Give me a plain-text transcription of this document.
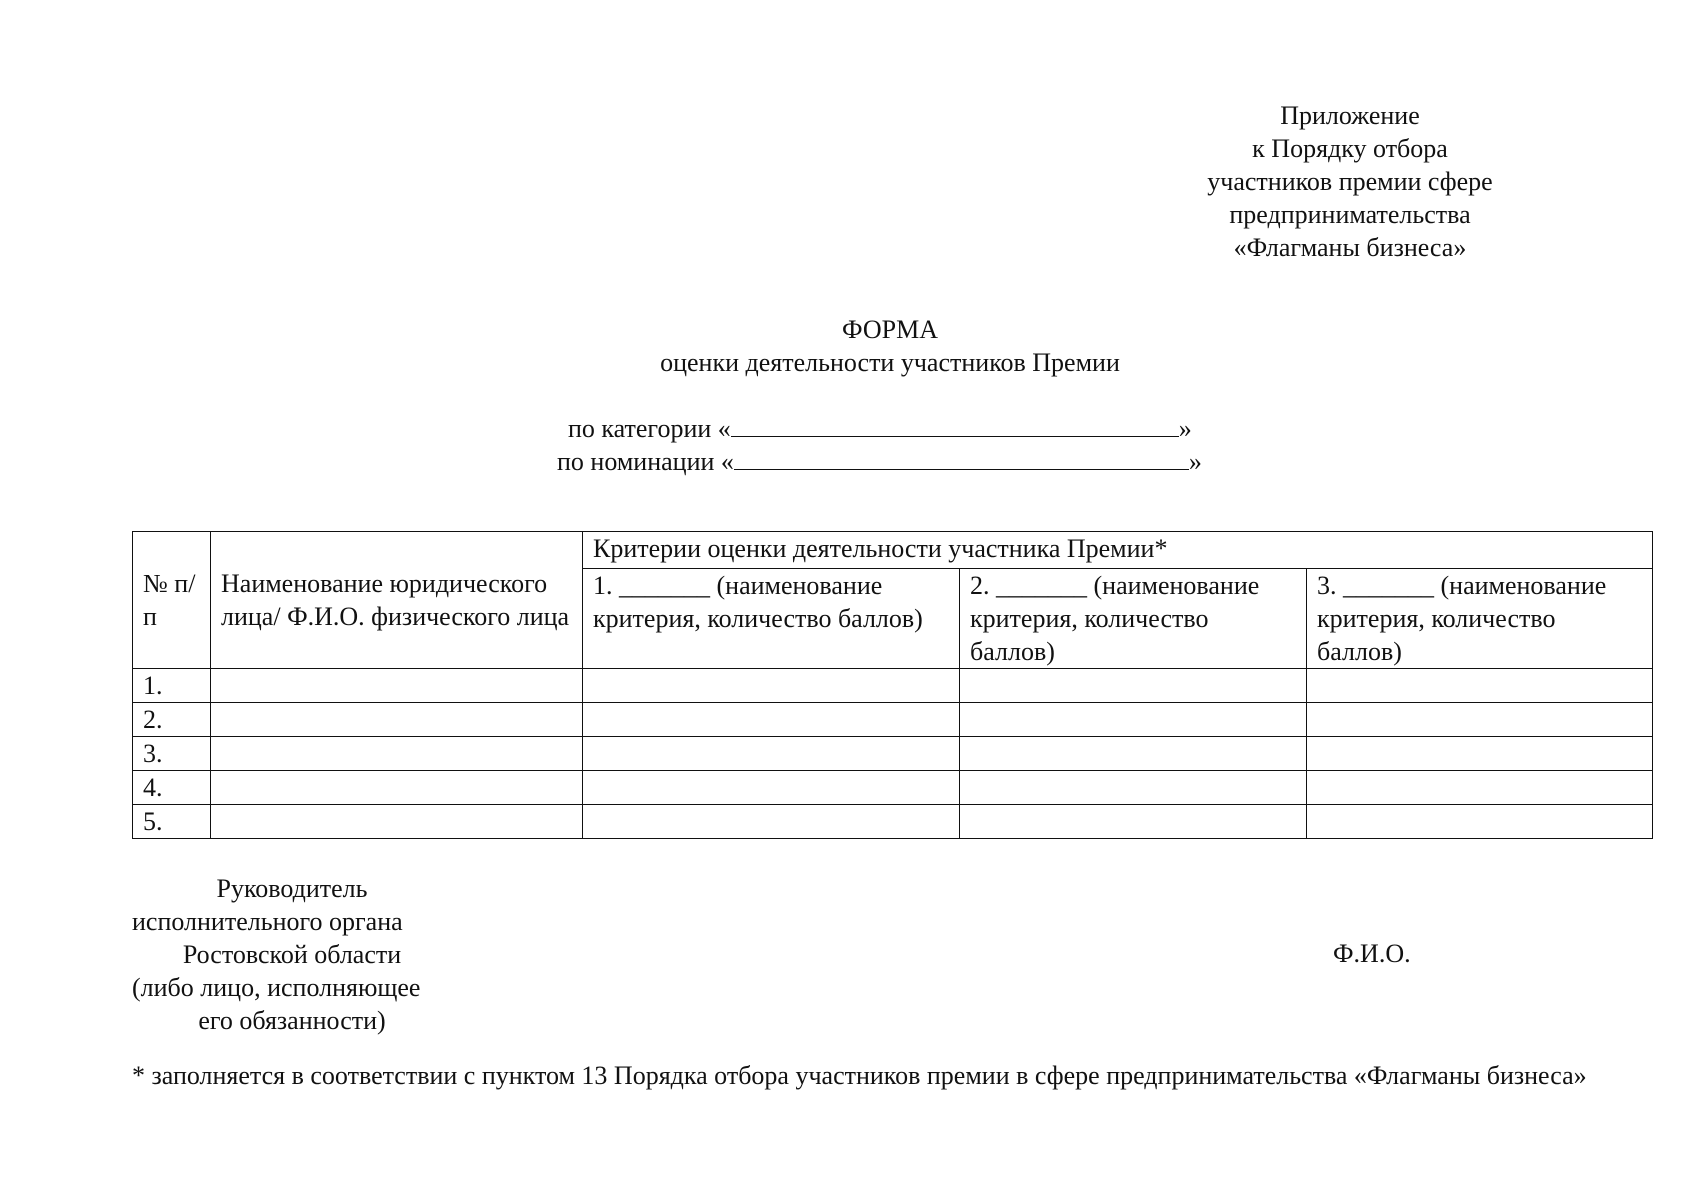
Приложение
к Порядку отбора
участников премии сфере
предпринимательства
«Флагманы бизнеса»
ФОРМА
оценки деятельности участников Премии
по категории «	»
по номинации «	»
№ п/п	Наименование юридического лица/ Ф.И.О. физического лица	Критерии оценки деятельности участника Премии*		
		1. _______ (наименование критерия, количество баллов)	2. _______ (наименование критерия, количество баллов)	3. _______ (наименование критерия, количество баллов)
1.				
2.				
3.				
4.				
5.				
Руководитель
исполнительного органа
Ростовской области
(либо лицо, исполняющее
его обязанности)
Ф.И.О.
* заполняется в соответствии с пунктом 13 Порядка отбора участников премии в сфере предпринимательства «Флагманы бизнеса»
